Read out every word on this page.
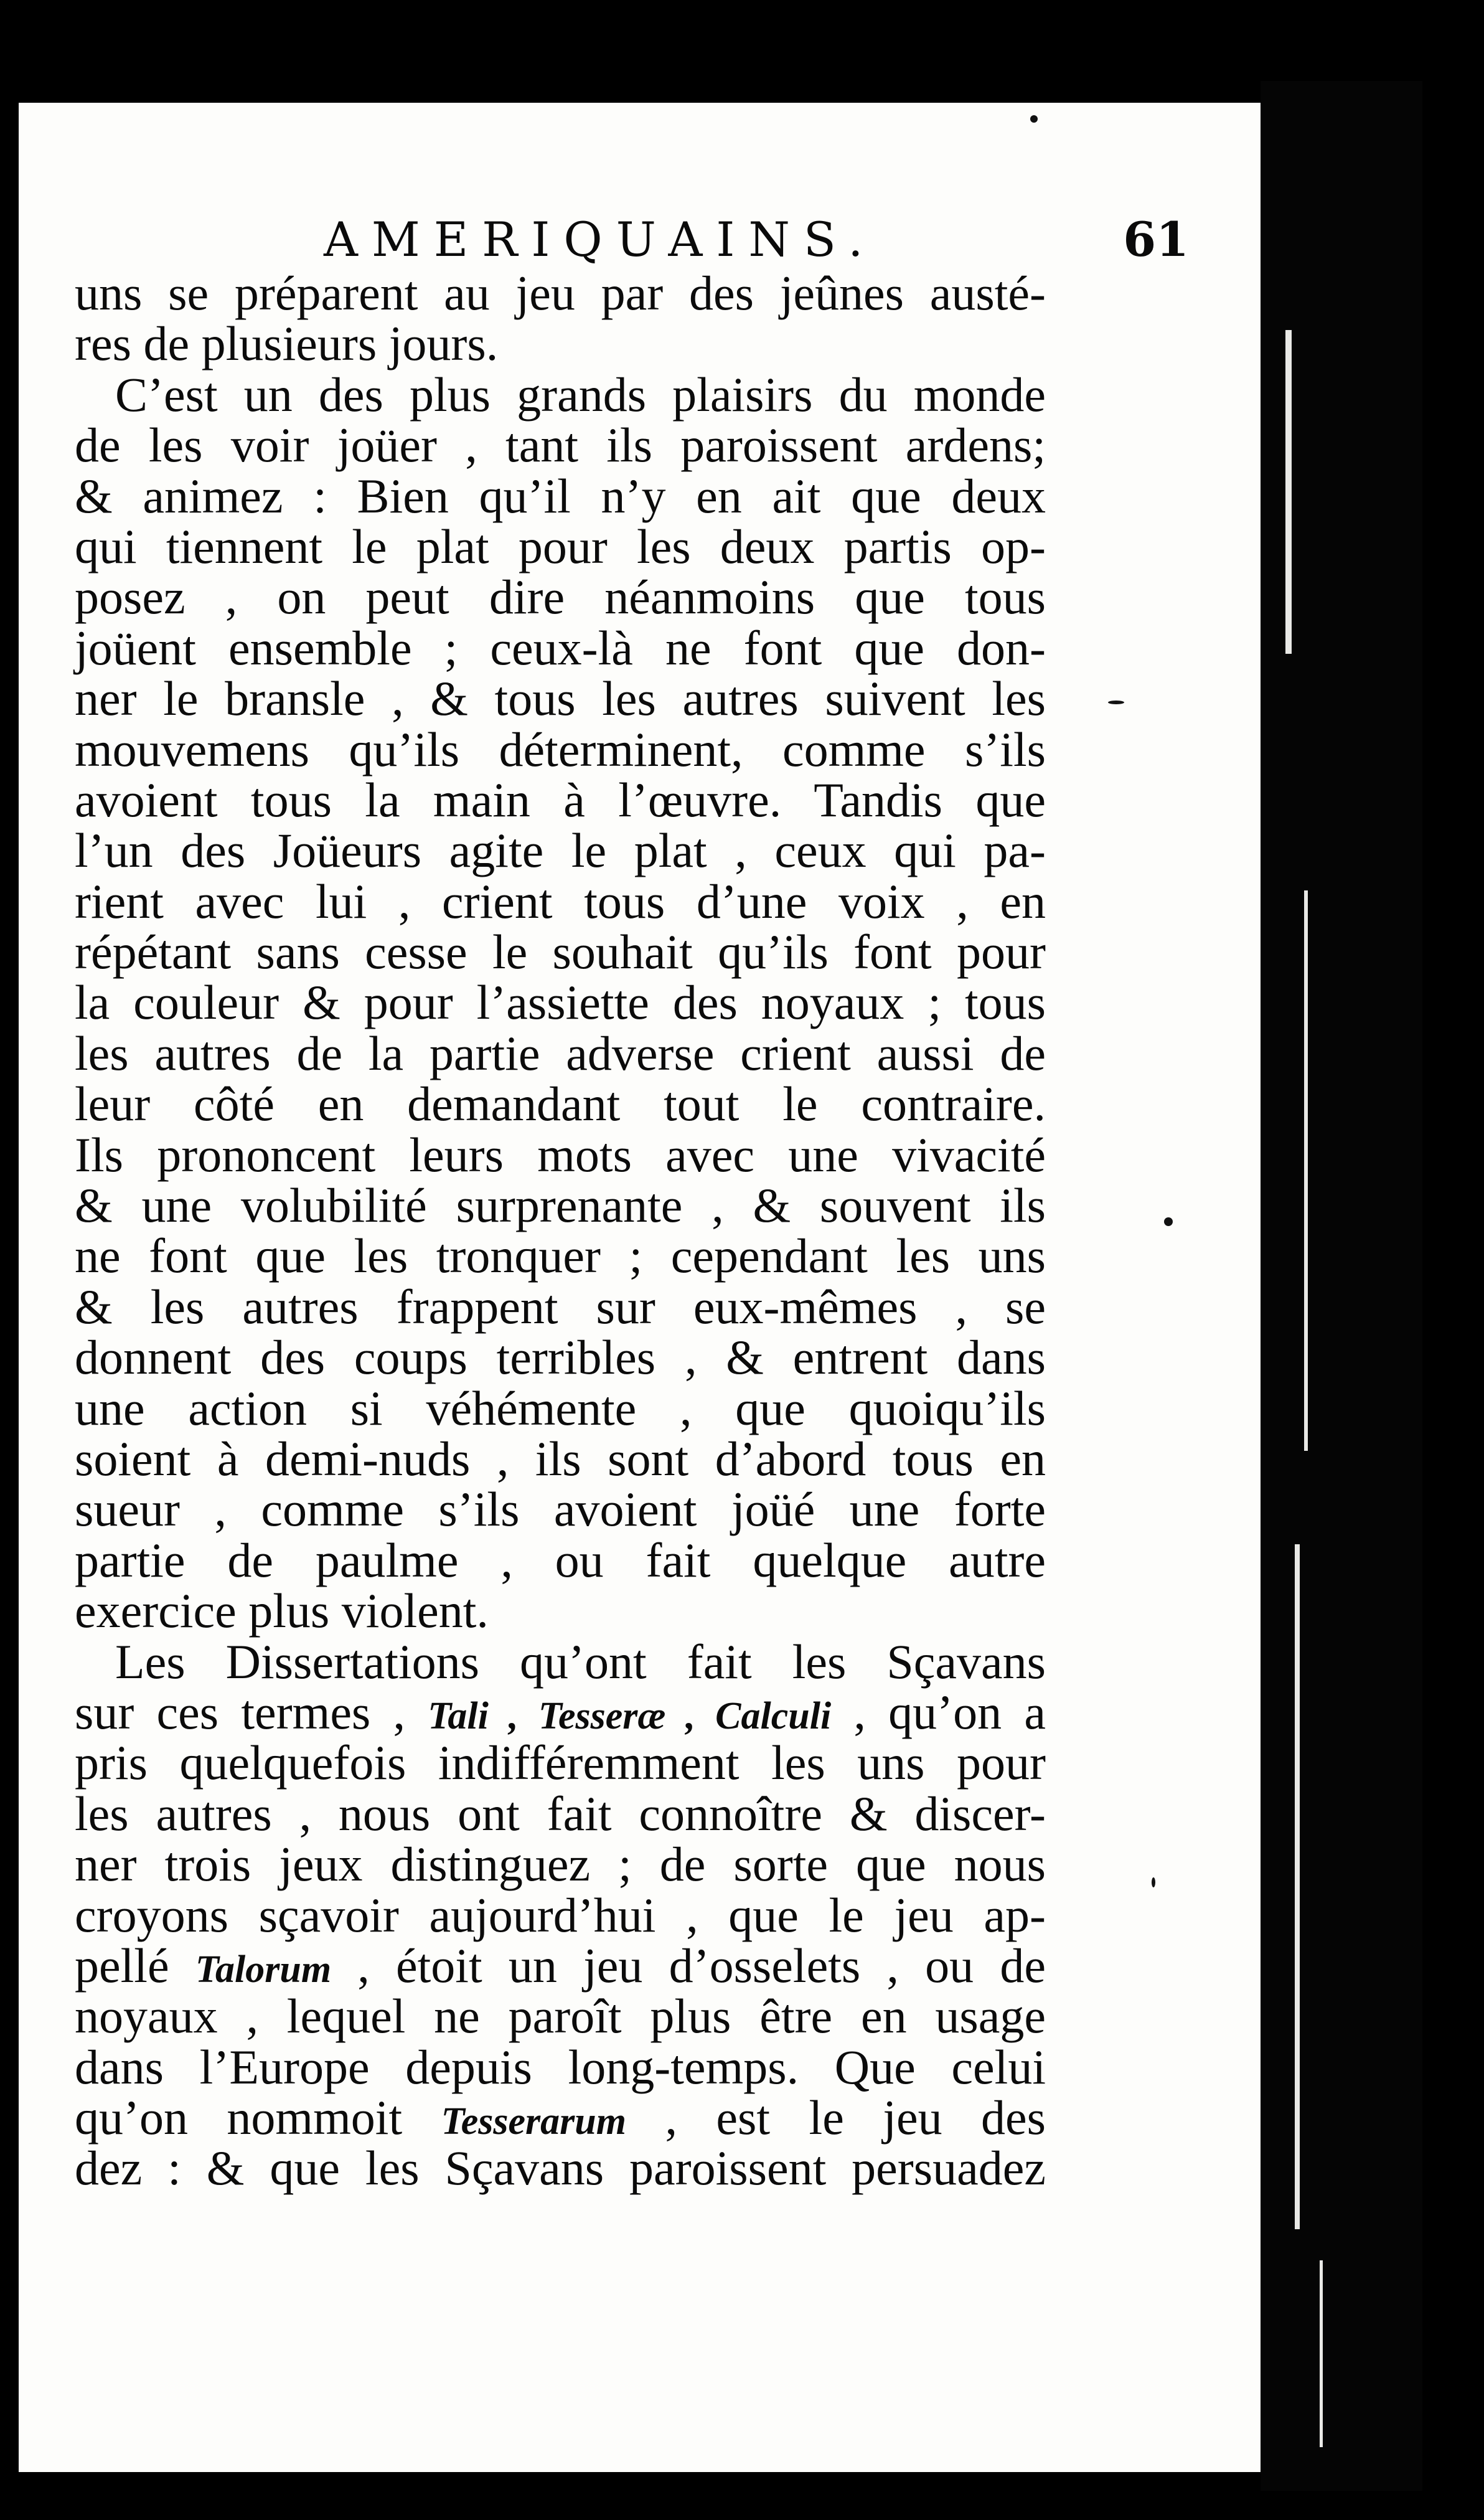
AMERIQUAINS.	61
uns se préparent au jeu par des jeûnes austé-
res de plusieurs jours.
C’est un des plus grands plaisirs du monde
de les voir joüer , tant ils paroissent ardens;
& animez : Bien qu’il n’y en ait que deux
qui tiennent le plat pour les deux partis op-
posez , on peut dire néanmoins que tous
joüent ensemble ; ceux-là ne font que don-
ner le bransle , & tous les autres suivent les
mouvemens qu’ils déterminent, comme s’ils
avoient tous la main à l’œuvre. Tandis que
l’un des Joüeurs agite le plat , ceux qui pa-
rient avec lui , crient tous d’une voix , en
répétant sans cesse le souhait qu’ils font pour
la couleur & pour l’assiette des noyaux ; tous
les autres de la partie adverse crient aussi de
leur côté en demandant tout le contraire.
Ils prononcent leurs mots avec une vivacité
& une volubilité surprenante , & souvent ils
ne font que les tronquer ; cependant les uns
& les autres frappent sur eux-mêmes , se
donnent des coups terribles , & entrent dans
une action si véhémente , que quoiqu’ils
soient à demi-nuds , ils sont d’abord tous en
sueur , comme s’ils avoient joüé une forte
partie de paulme , ou fait quelque autre
exercice plus violent.
Les Dissertations qu’ont fait les Sçavans
sur ces termes , Tali , Tesseræ , Calculi , qu’on a
pris quelquefois indifféremment les uns pour
les autres , nous ont fait connoître & discer-
ner trois jeux distinguez ; de sorte que nous
croyons sçavoir aujourd’hui , que le jeu ap-
pellé Talorum , étoit un jeu d’osselets , ou de
noyaux , lequel ne paroît plus être en usage
dans l’Europe depuis long-temps. Que celui
qu’on nommoit Tesserarum , est le jeu des
dez : & que les Sçavans paroissent persuadez
